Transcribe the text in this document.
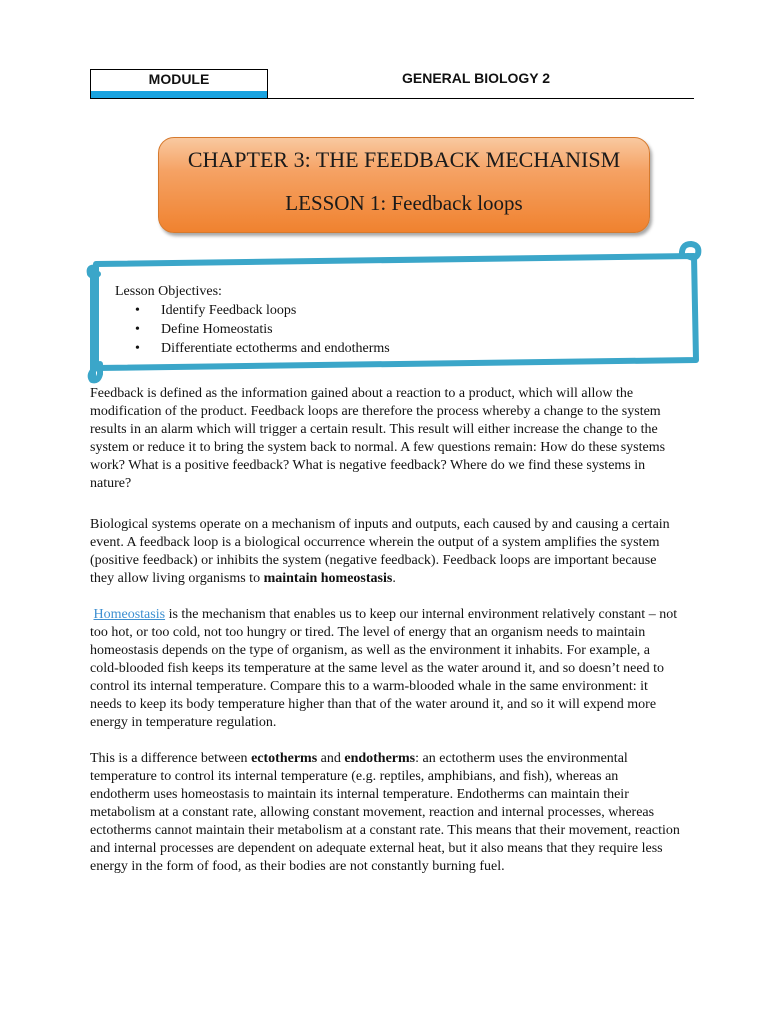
MODULE	GENERAL BIOLOGY 2
CHAPTER 3: THE FEEDBACK MECHANISM
LESSON 1: Feedback loops
Lesson Objectives:
• Identify Feedback loops
• Define Homeostatis
• Differentiate ectotherms and endotherms

Feedback is defined as the information gained about a reaction to a product, which will allow the modification of the product. Feedback loops are therefore the process whereby a change to the system results in an alarm which will trigger a certain result. This result will either increase the change to the system or reduce it to bring the system back to normal. A few questions remain: How do these systems work? What is a positive feedback? What is negative feedback? Where do we find these systems in nature?

Biological systems operate on a mechanism of inputs and outputs, each caused by and causing a certain event. A feedback loop is a biological occurrence wherein the output of a system amplifies the system (positive feedback) or inhibits the system (negative feedback). Feedback loops are important because they allow living organisms to maintain homeostasis.

Homeostasis is the mechanism that enables us to keep our internal environment relatively constant – not too hot, or too cold, not too hungry or tired. The level of energy that an organism needs to maintain homeostasis depends on the type of organism, as well as the environment it inhabits. For example, a cold-blooded fish keeps its temperature at the same level as the water around it, and so doesn’t need to control its internal temperature. Compare this to a warm-blooded whale in the same environment: it needs to keep its body temperature higher than that of the water around it, and so it will expend more energy in temperature regulation.

This is a difference between ectotherms and endotherms: an ectotherm uses the environmental temperature to control its internal temperature (e.g. reptiles, amphibians, and fish), whereas an endotherm uses homeostasis to maintain its internal temperature. Endotherms can maintain their metabolism at a constant rate, allowing constant movement, reaction and internal processes, whereas ectotherms cannot maintain their metabolism at a constant rate. This means that their movement, reaction and internal processes are dependent on adequate external heat, but it also means that they require less energy in the form of food, as their bodies are not constantly burning fuel.
